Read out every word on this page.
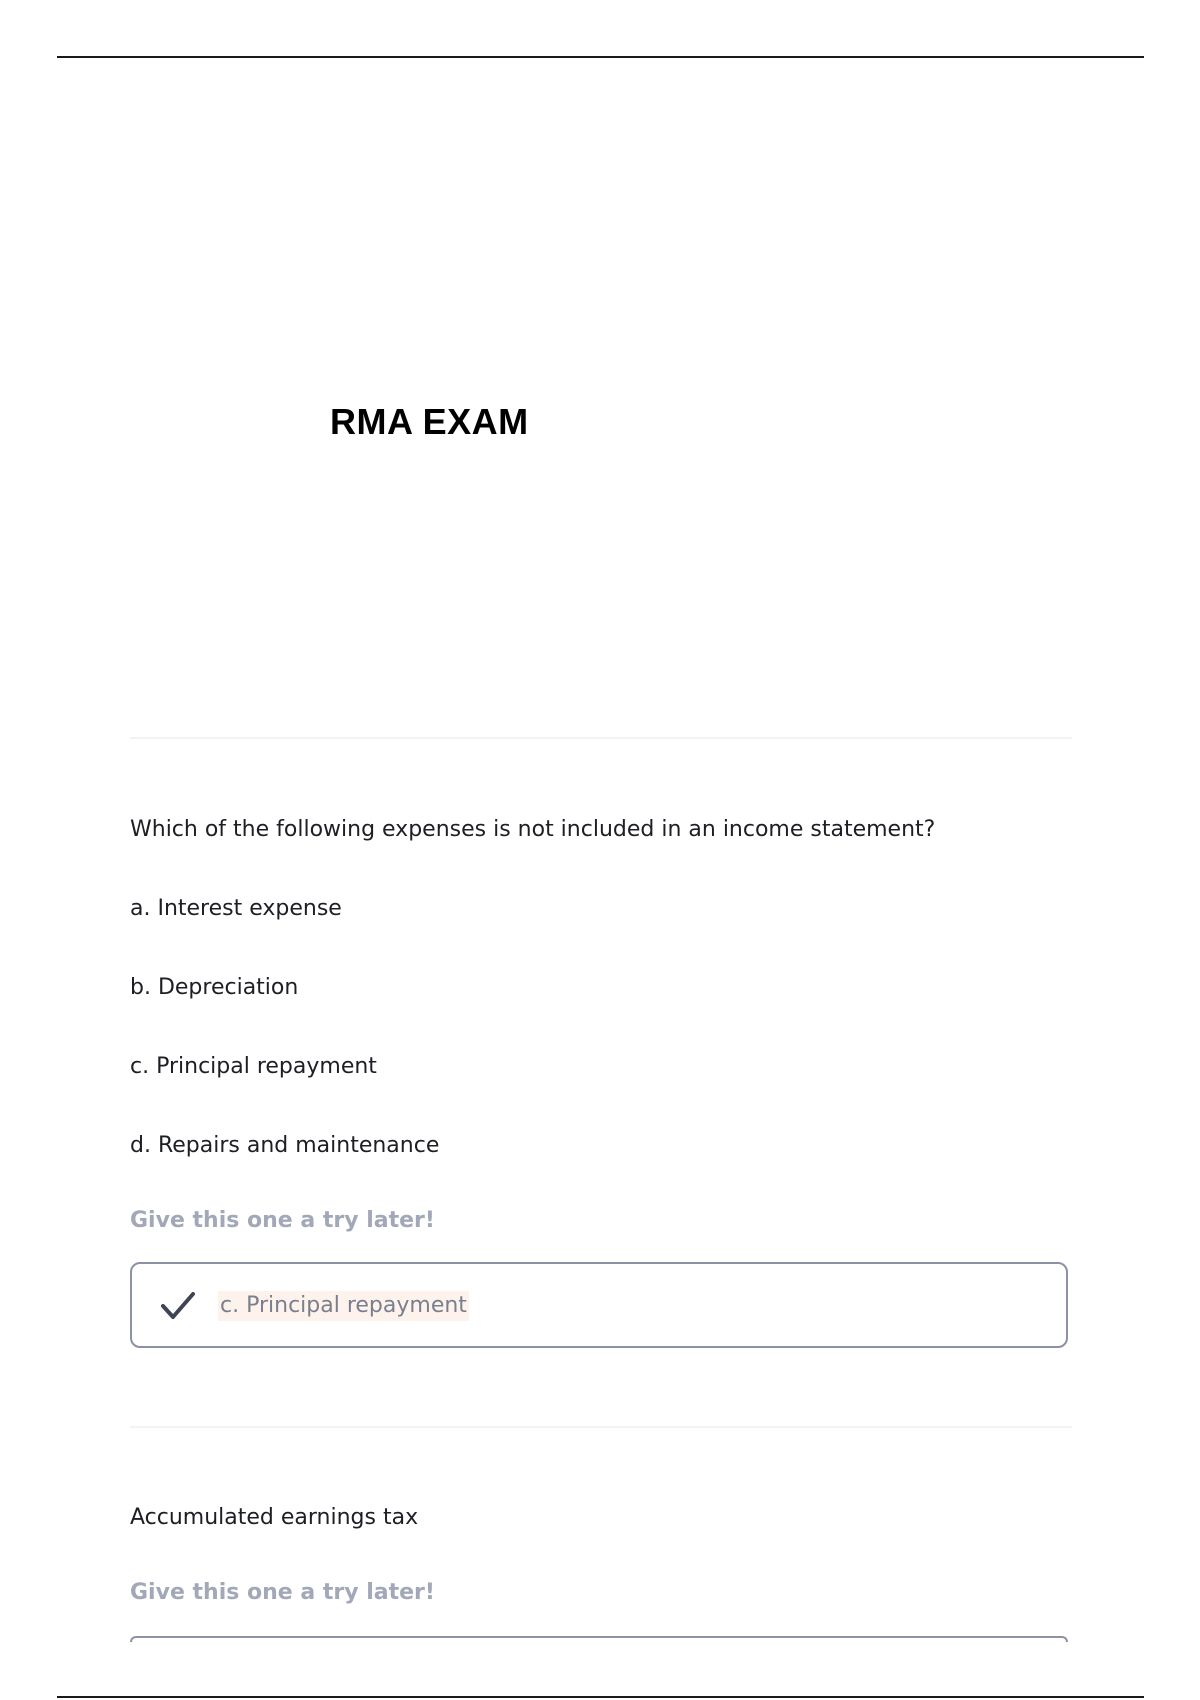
RMA EXAM
Which of the following expenses is not included in an income statement?
a. Interest expense
b. Depreciation
c. Principal repayment
d. Repairs and maintenance
Give this one a try later!
c. Principal repayment
Accumulated earnings tax
Give this one a try later!
